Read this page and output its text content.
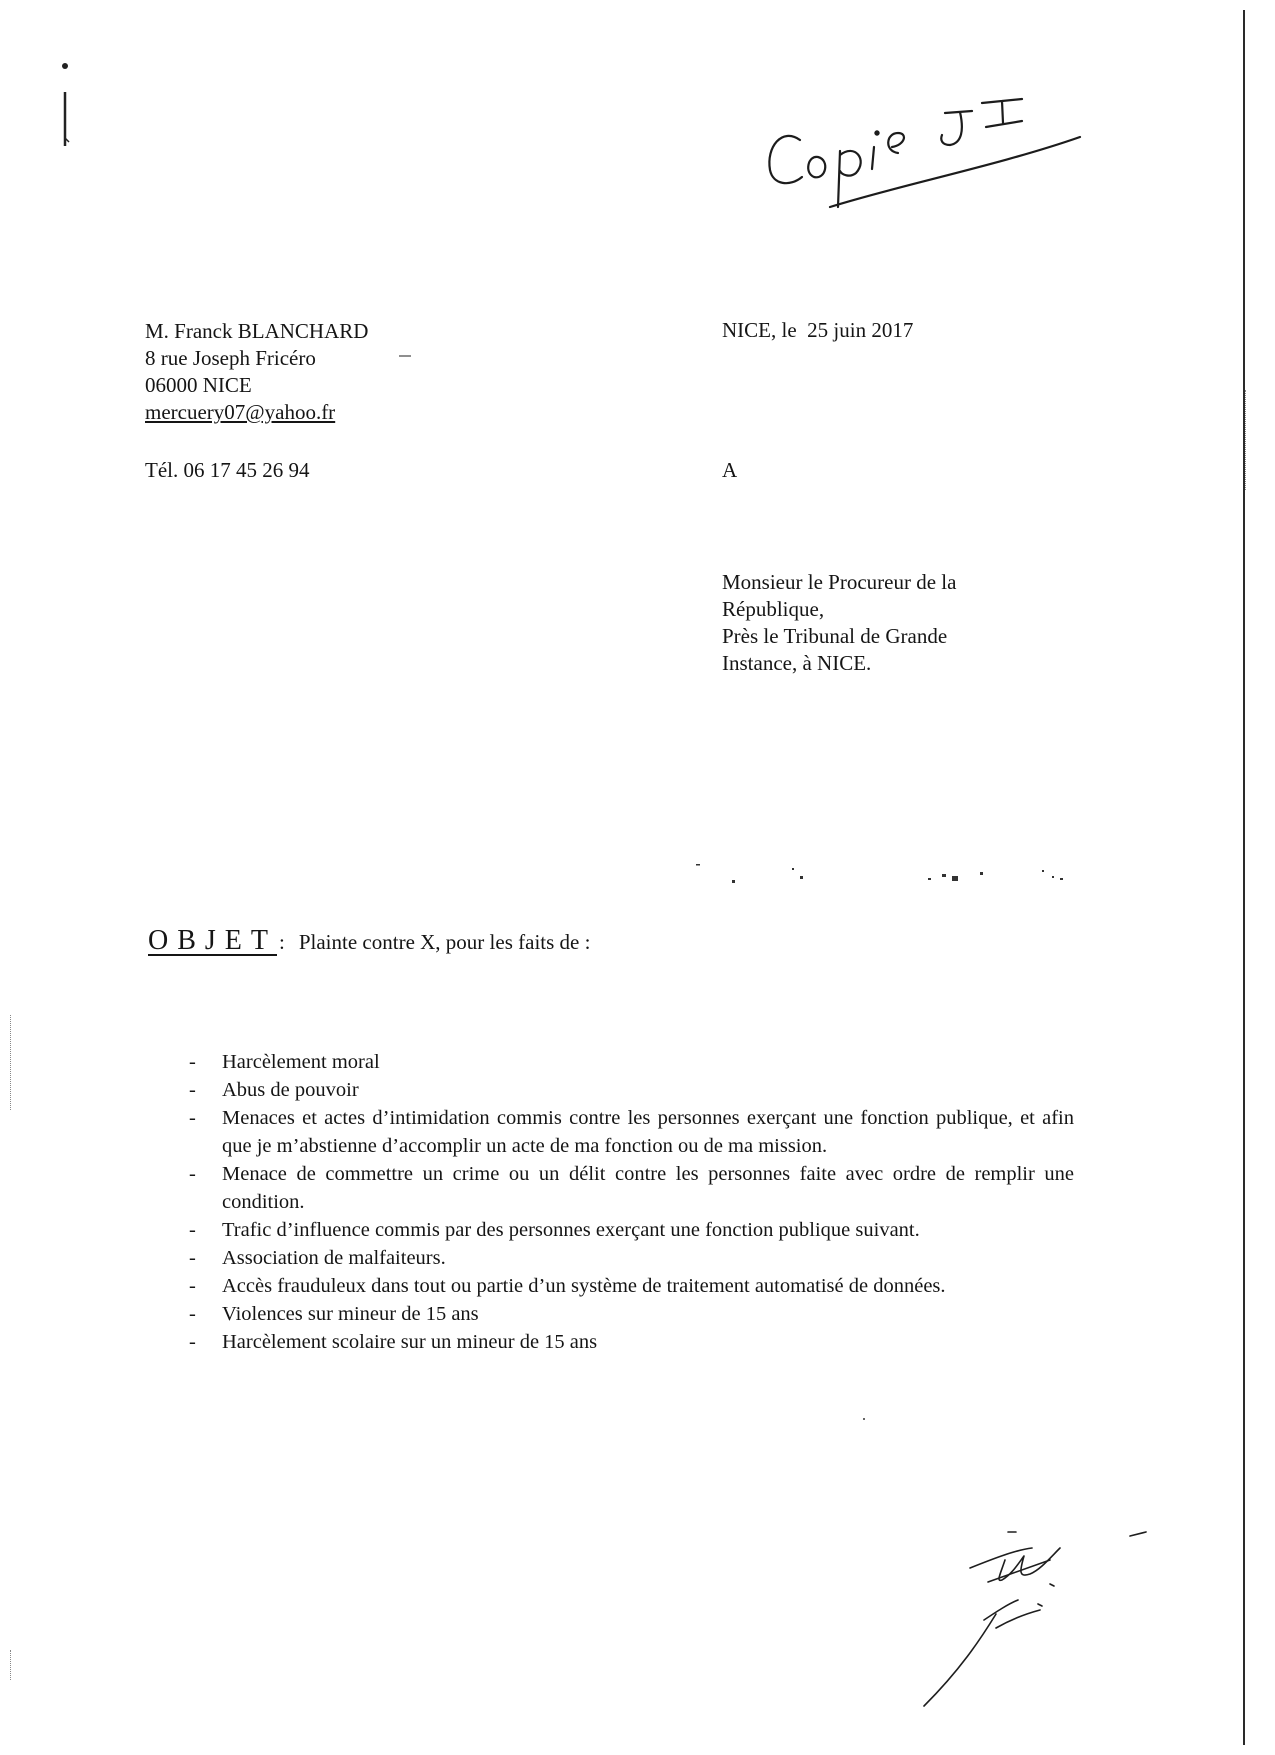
M. Franck BLANCHARD
8 rue Joseph Fricéro
06000 NICE
mercuery07@yahoo.fr
Tél. 06 17 45 26 94
NICE, le  25 juin 2017
A
Monsieur le Procureur de la
République,
Près le Tribunal de Grande
Instance, à NICE.
OBJET : Plainte contre X, pour les faits de :
- Harcèlement moral
- Abus de pouvoir
- Menaces et actes d’intimidation commis contre les personnes exerçant une fonction publique, et afin que je m’abstienne d’accomplir un acte de ma fonction ou de ma mission.
- Menace de commettre un crime ou un délit contre les personnes faite avec ordre de remplir une condition.
- Trafic d’influence commis par des personnes exerçant une fonction publique suivant.
- Association de malfaiteurs.
- Accès frauduleux dans tout ou partie d’un système de traitement automatisé de données.
- Violences sur mineur de 15 ans
- Harcèlement scolaire sur un mineur de 15 ans
